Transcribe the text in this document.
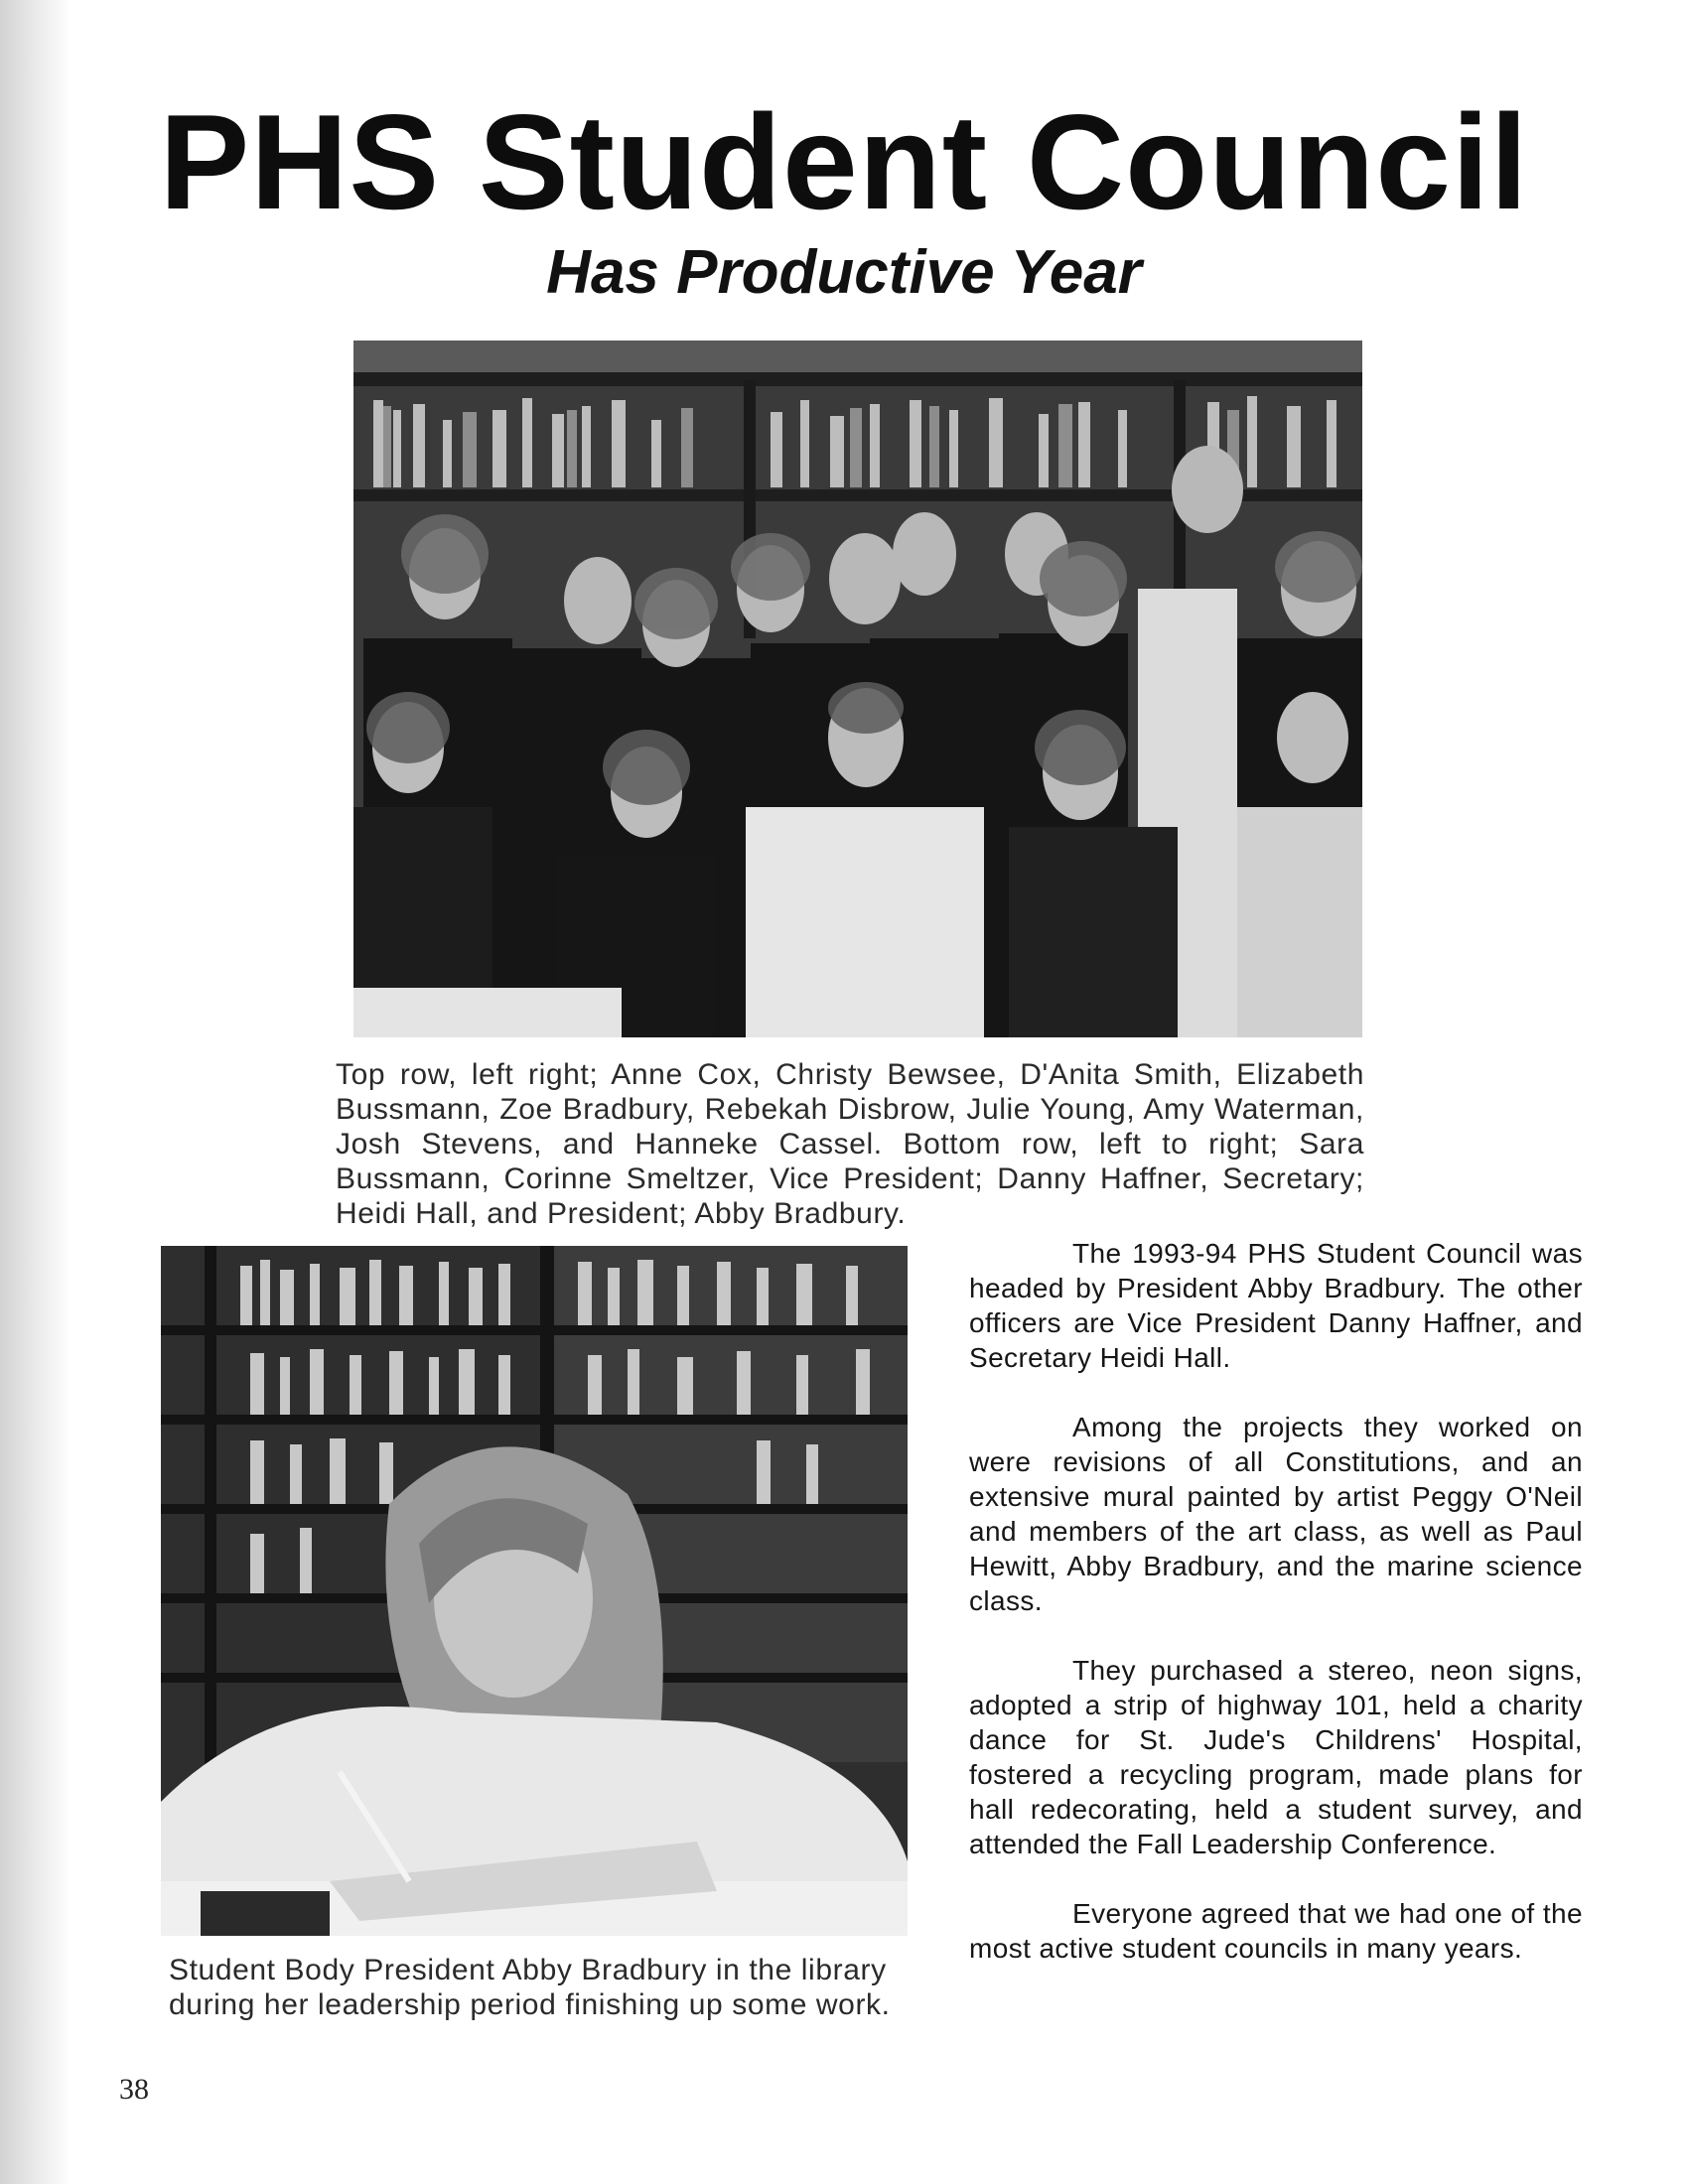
PHS Student Council
Has Productive Year

Top row, left right; Anne Cox, Christy Bewsee, D'Anita Smith, Elizabeth Bussmann, Zoe Bradbury, Rebekah Disbrow, Julie Young, Amy Waterman, Josh Stevens, and Hanneke Cassel. Bottom row, left to right; Sara Bussmann, Corinne Smeltzer, Vice President; Danny Haffner, Secretary; Heidi Hall, and President; Abby Bradbury.

Student Body President Abby Bradbury in the library during her leadership period finishing up some work.

The 1993-94 PHS Student Council was headed by President Abby Bradbury. The other officers are Vice President Danny Haffner, and Secretary Heidi Hall.

Among the projects they worked on were revisions of all Constitutions, and an extensive mural painted by artist Peggy O'Neil and members of the art class, as well as Paul Hewitt, Abby Bradbury, and the marine science class.

They purchased a stereo, neon signs, adopted a strip of highway 101, held a charity dance for St. Jude's Childrens' Hospital, fostered a recycling program, made plans for hall redecorating, held a student survey, and attended the Fall Leadership Conference.

Everyone agreed that we had one of the most active student councils in many years.

38
